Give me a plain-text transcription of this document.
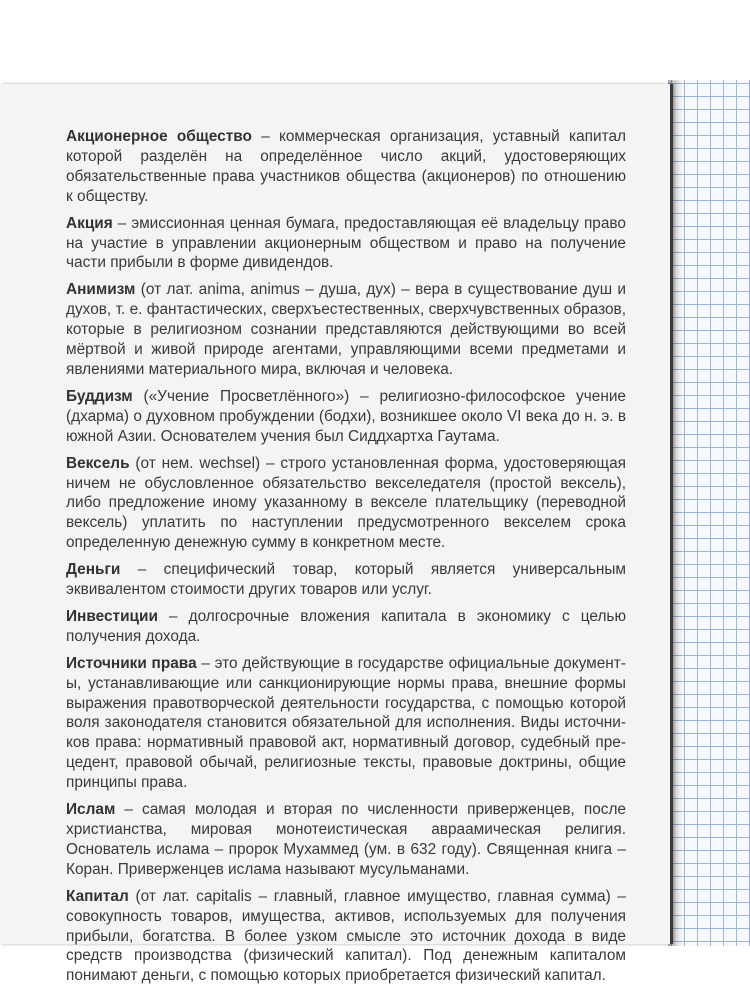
Акционерное общество – коммерческая организация, уставный капитал которой разделён на определённое число акций, удостоверяющих обязательственные права участников общества (акционеров) по отношению к обществу.

Акция – эмиссионная ценная бумага, предоставляющая её владельцу право на участие в управлении акционерным обществом и право на получение части прибыли в форме дивидендов.

Анимизм (от лат. anima, animus – душа, дух) – вера в существование душ и духов, т. е. фантастических, сверхъестественных, сверхчувственных образов, которые в религиозном сознании представляются действующими во всей мёртвой и живой природе агентами, управляющими всеми предметами и явлениями материального мира, включая и человека.

Буддизм («Учение Просветлённого») – религиозно-философское учение (дхарма) о духовном пробуждении (бодхи), возникшее около VI века до н. э. в южной Азии. Основателем учения был Сиддхартха Гаутама.

Вексель (от нем. wechsel) – строго установленная форма, удостоверяющая ничем не обусловленное обязательство векселедателя (простой вексель), либо предложение иному указанному в векселе плательщику (переводной вексель) уплатить по наступлении предусмотренного векселем срока определенную денежную сумму в конкретном месте.

Деньги – специфический товар, который является универсальным эквивалентом стоимости других товаров или услуг.

Инвестиции – долгосрочные вложения капитала в экономику с целью получения дохода.

Источники права – это действующие в государстве официальные документы, устанавливающие или санкционирующие нормы права, внешние формы выражения правотворческой деятельности государства, с помощью которой воля законодателя становится обязательной для исполнения. Виды источников права: нормативный правовой акт, нормативный договор, судебный прецедент, правовой обычай, религиозные тексты, правовые доктрины, общие принципы права.

Ислам – самая молодая и вторая по численности приверженцев, после христианства, мировая монотеистическая авраамическая религия. Основатель ислама – пророк Мухаммед (ум. в 632 году). Священная книга – Коран. Приверженцев ислама называют мусульманами.

Капитал (от лат. capitalis – главный, главное имущество, главная сумма) – совокупность товаров, имущества, активов, используемых для получения прибыли, богатства. В более узком смысле это источник дохода в виде средств производства (физический капитал). Под денежным капиталом понимают деньги, с помощью которых приобретается физический капитал.
